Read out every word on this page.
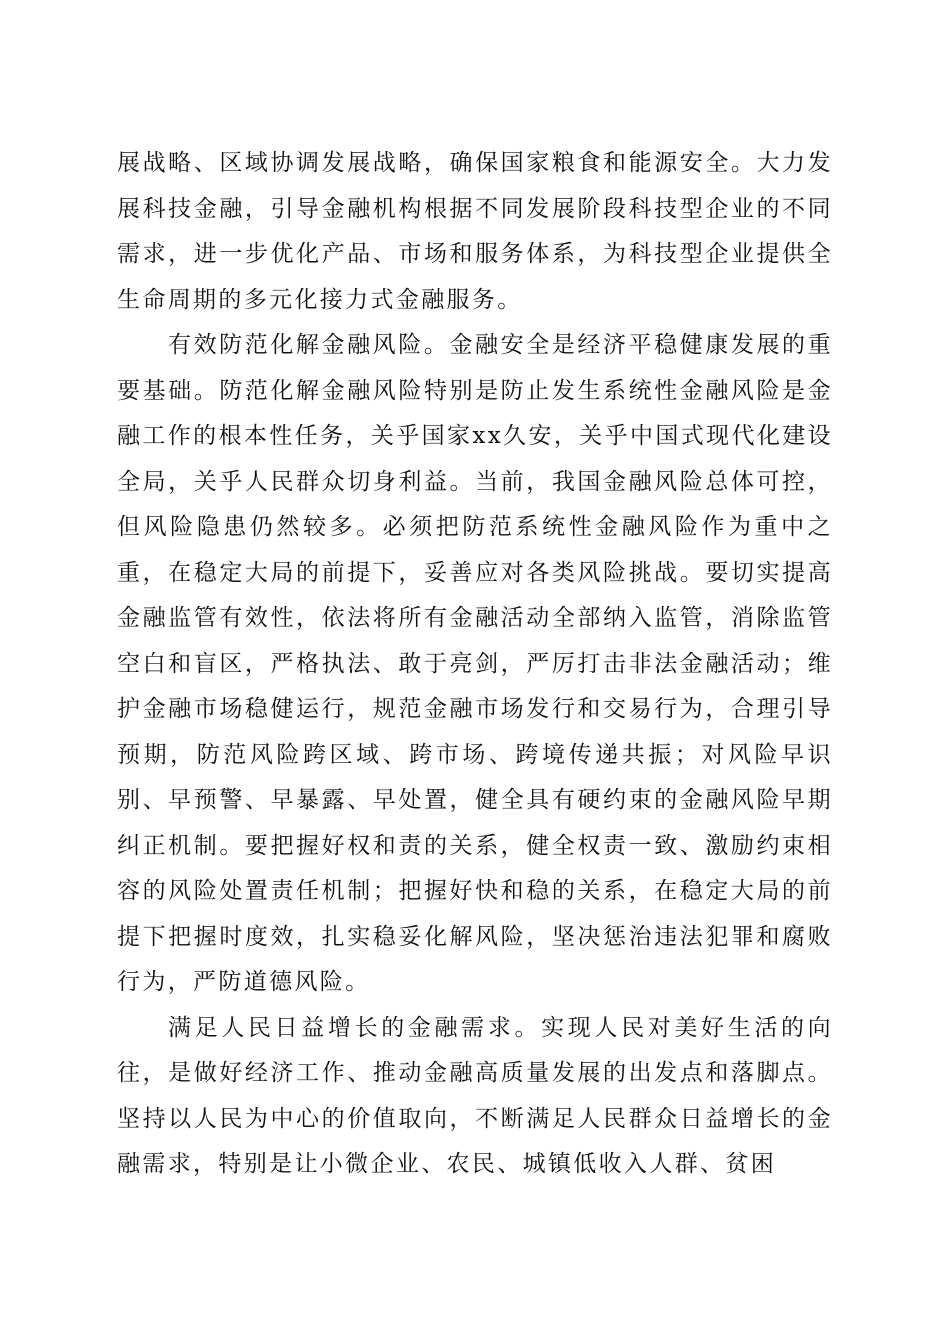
展战略、区域协调发展战略，确保国家粮食和能源安全。大力发展科技金融，引导金融机构根据不同发展阶段科技型企业的不同需求，进一步优化产品、市场和服务体系，为科技型企业提供全生命周期的多元化接力式金融服务。

有效防范化解金融风险。金融安全是经济平稳健康发展的重要基础。防范化解金融风险特别是防止发生系统性金融风险是金融工作的根本性任务，关乎国家xx久安，关乎中国式现代化建设全局，关乎人民群众切身利益。当前，我国金融风险总体可控，但风险隐患仍然较多。必须把防范系统性金融风险作为重中之重，在稳定大局的前提下，妥善应对各类风险挑战。要切实提高金融监管有效性，依法将所有金融活动全部纳入监管，消除监管空白和盲区，严格执法、敢于亮剑，严厉打击非法金融活动；维护金融市场稳健运行，规范金融市场发行和交易行为，合理引导预期，防范风险跨区域、跨市场、跨境传递共振；对风险早识别、早预警、早暴露、早处置，健全具有硬约束的金融风险早期纠正机制。要把握好权和责的关系，健全权责一致、激励约束相容的风险处置责任机制；把握好快和稳的关系，在稳定大局的前提下把握时度效，扎实稳妥化解风险，坚决惩治违法犯罪和腐败行为，严防道德风险。

满足人民日益增长的金融需求。实现人民对美好生活的向往，是做好经济工作、推动金融高质量发展的出发点和落脚点。坚持以人民为中心的价值取向，不断满足人民群众日益增长的金融需求，特别是让小微企业、农民、城镇低收入人群、贫困
